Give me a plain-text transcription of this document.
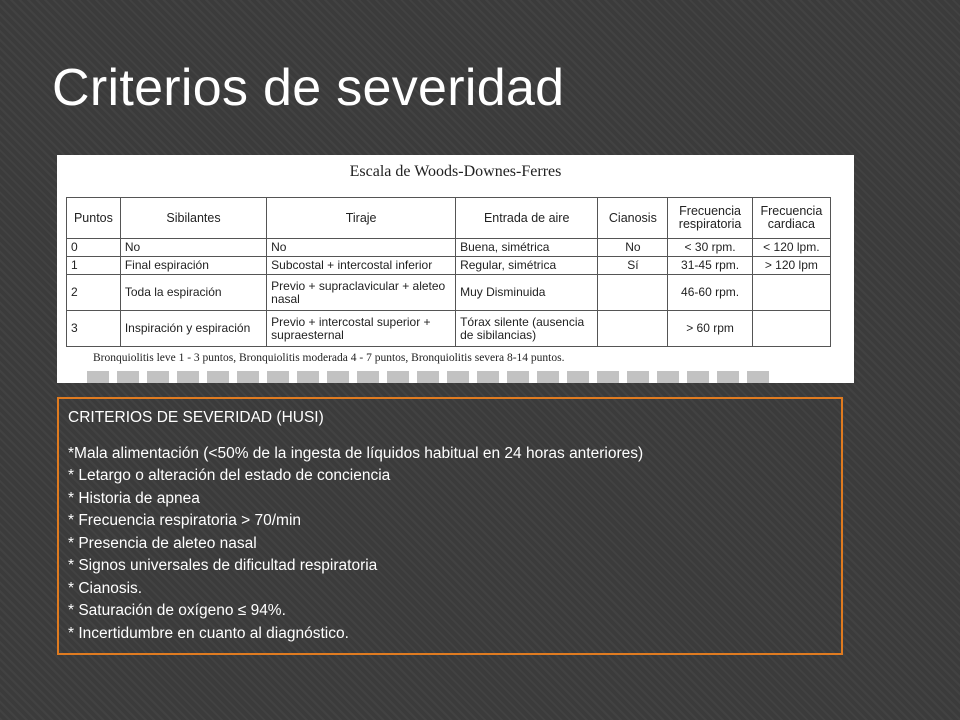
Criterios de severidad
Escala de Woods-Downes-Ferres
Puntos	Sibilantes	Tiraje	Entrada de aire	Cianosis	Frecuencia respiratoria	Frecuencia cardiaca
0	No	No	Buena, simétrica	No	< 30 rpm.	< 120 lpm.
1	Final espiración	Subcostal + intercostal inferior	Regular, simétrica	Sí	31-45 rpm.	> 120 lpm
2	Toda la espiración	Previo + supraclavicular + aleteo nasal	Muy Disminuida		46-60 rpm.	
3	Inspiración y espiración	Previo + intercostal superior + supraesternal	Tórax silente (ausencia de sibilancias)		> 60 rpm	
Bronquiolitis leve 1 - 3 puntos, Bronquiolitis moderada 4 - 7 puntos, Bronquiolitis severa 8-14 puntos.
CRITERIOS DE SEVERIDAD (HUSI)
*Mala alimentación (<50% de la ingesta de líquidos habitual en 24 horas anteriores)
* Letargo o alteración del estado de conciencia
* Historia de apnea
* Frecuencia respiratoria > 70/min
* Presencia de aleteo nasal
* Signos universales de dificultad respiratoria
* Cianosis.
* Saturación de oxígeno ≤ 94%.
* Incertidumbre en cuanto al diagnóstico.
